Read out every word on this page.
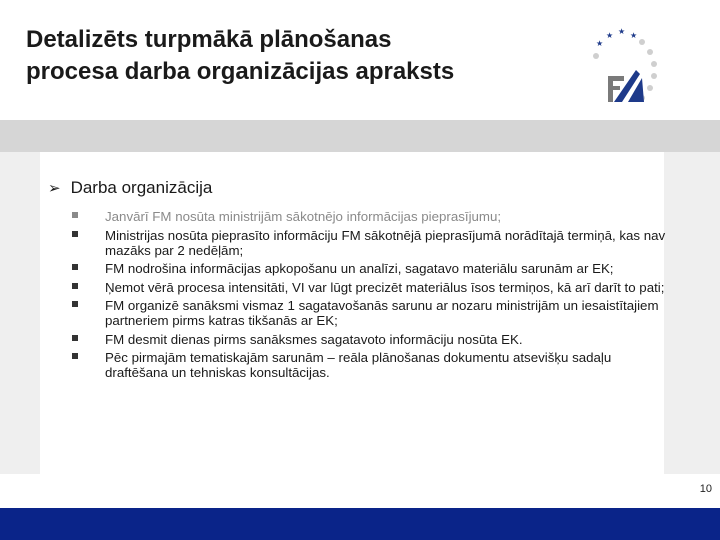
Detalizēts turpmākā plānošanas
procesa darba organizācijas apraksts
★
★ ★ ★
FM
➢ Darba organizācija
Janvārī FM nosūta ministrijām sākotnējo informācijas pieprasījumu;
Ministrijas nosūta pieprasīto informāciju FM sākotnējā pieprasījumā norādītajā termiņā, kas nav mazāks par 2 nedēļām;
FM nodrošina informācijas apkopošanu un analīzi, sagatavo materiālu sarunām ar EK;
Ņemot vērā procesa intensitāti, VI var lūgt precizēt materiālus īsos termiņos, kā arī darīt to pati;
FM organizē sanāksmi vismaz 1 sagatavošanās sarunu ar nozaru ministrijām un iesaistītajiem partneriem pirms katras tikšanās ar EK;
FM desmit dienas pirms sanāksmes sagatavoto informāciju nosūta EK.
Pēc pirmajām tematiskajām sarunām – reāla plānošanas dokumentu atsevišķu sadaļu draftēšana un tehniskas konsultācijas.
10
